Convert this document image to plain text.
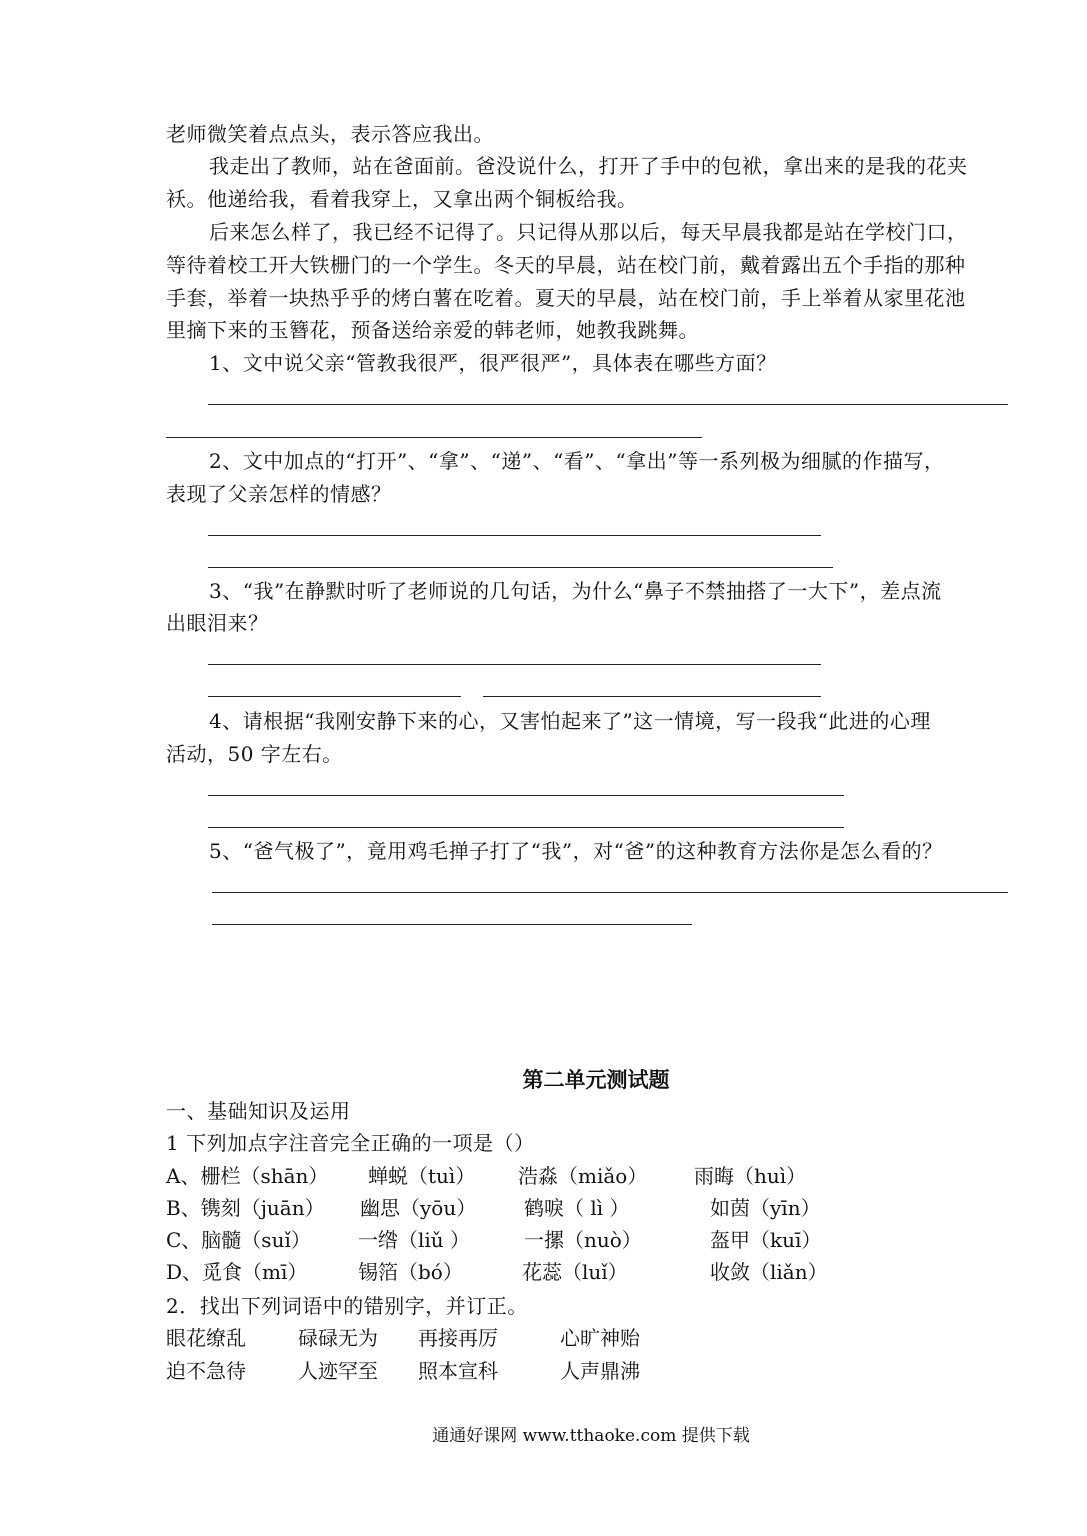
老师微笑着点点头，表示答应我出。
我走出了教师，站在爸面前。爸没说什么，打开了手中的包袱，拿出来的是我的花夹
袄。他递给我，看着我穿上，又拿出两个铜板给我。
后来怎么样了，我已经不记得了。只记得从那以后，每天早晨我都是站在学校门口，
等待着校工开大铁栅门的一个学生。冬天的早晨，站在校门前，戴着露出五个手指的那种
手套，举着一块热乎乎的烤白薯在吃着。夏天的早晨，站在校门前，手上举着从家里花池
里摘下来的玉簪花，预备送给亲爱的韩老师，她教我跳舞。
1、文中说父亲“管教我很严，很严很严”，具体表在哪些方面？
2、文中加点的“打开”、“拿”、“递”、“看”、“拿出”等一系列极为细腻的作描写，
表现了父亲怎样的情感？
3、“我”在静默时听了老师说的几句话，为什么“鼻子不禁抽搭了一大下”，差点流
出眼泪来？
4、请根据“我刚安静下来的心，又害怕起来了”这一情境，写一段我“此进的心理
活动，50 字左右。
5、“爸气极了”，竟用鸡毛掸子打了“我”，对“爸”的这种教育方法你是怎么看的？
第二单元测试题
一、基础知识及运用
1 下列加点字注音完全正确的一项是（）
A、栅栏（shān） 蝉蜕（tuì） 浩淼（miǎo） 雨晦（huì）
B、镌刻（juān） 幽思（yōu） 鹤唳（ lì ）	如茵（yīn）
C、脑髓（suǐ） 一绺（liǔ ）	一摞（nuò）	盔甲（kuī）
D、觅食（mī）	锡箔（bó）	花蕊（luǐ）	收敛（liǎn）
2．找出下列词语中的错别字，并订正。
眼花缭乱	碌碌无为 再接再厉	心旷神贻
迫不急待	人迹罕至 照本宣科	人声鼎沸
通通好课网 www.tthaoke.com 提供下载
